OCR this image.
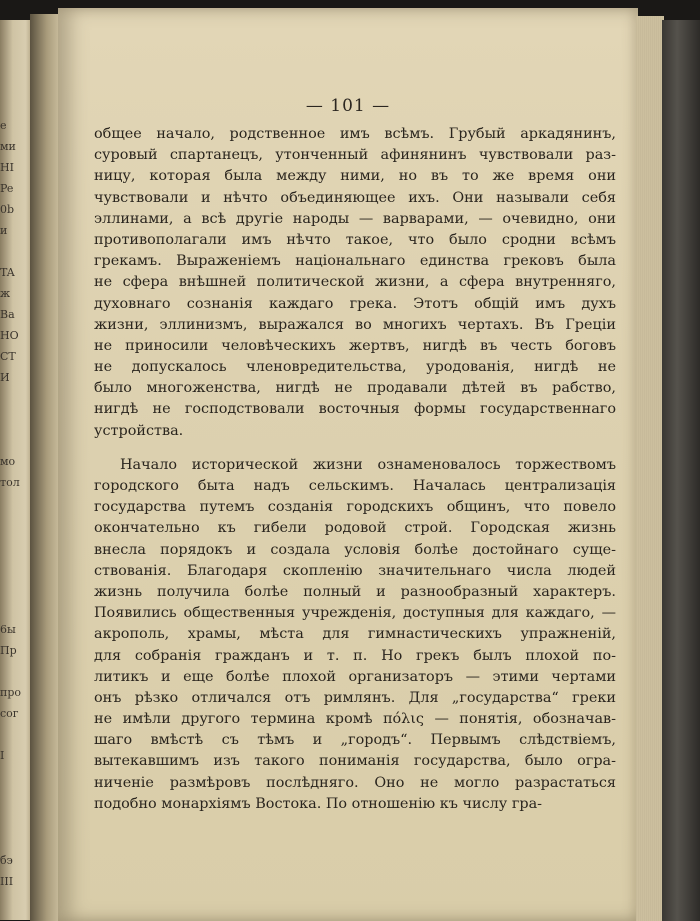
e
ми
HI
Pe
0b
и
TA
ж
Ba
HO
CT
И
мо
тол
6ы
Пр
про
сог
I
бэ
III
— 101 —
общее начало, родственное имъ всѣмъ. Грубый аркадянинъ,
суровый спартанецъ, утонченный афинянинъ чувствовали раз-
ницу, которая была между ними, но въ то же время они
чувствовали и нѣчто объединяющее ихъ. Они называли себя
эллинами, а всѣ другіе народы — варварами, — очевидно, они
противополагали имъ нѣчто такое, что было сродни всѣмъ
грекамъ. Выраженіемъ національнаго единства грековъ была
не сфера внѣшней политической жизни, а сфера внутренняго,
духовнаго сознанія каждаго грека. Этотъ общій имъ духъ
жизни, эллинизмъ, выражался во многихъ чертахъ. Въ Греціи
не приносили человѣческихъ жертвъ, нигдѣ въ честь боговъ
не допускалось членовредительства, уродованія, нигдѣ не
было многоженства, нигдѣ не продавали дѣтей въ рабство,
нигдѣ не господствовали восточныя формы государственнаго
устройства.
Начало исторической жизни ознаменовалось торжествомъ
городского быта надъ сельскимъ. Началась централизація
государства путемъ созданія городскихъ общинъ, что повело
окончательно къ гибели родовой строй. Городская жизнь
внесла порядокъ и создала условія болѣе достойнаго суще-
ствованія. Благодаря скопленію значительнаго числа людей
жизнь получила болѣе полный и разнообразный характеръ.
Появились общественныя учрежденія, доступныя для каждаго, —
акрополь, храмы, мѣста для гимнастическихъ упражненій,
для собранія гражданъ и т. п. Но грекъ былъ плохой по-
литикъ и еще болѣе плохой организаторъ — этими чертами
онъ рѣзко отличался отъ римлянъ. Для „государства“ греки
не имѣли другого термина кромѣ πόλις — понятія, обозначав-
шаго вмѣстѣ съ тѣмъ и „городъ“. Первымъ слѣдствіемъ,
вытекавшимъ изъ такого пониманія государства, было огра-
ниченіе размѣровъ послѣдняго. Оно не могло разрастаться
подобно монархіямъ Востока. По отношенію къ числу гра-
